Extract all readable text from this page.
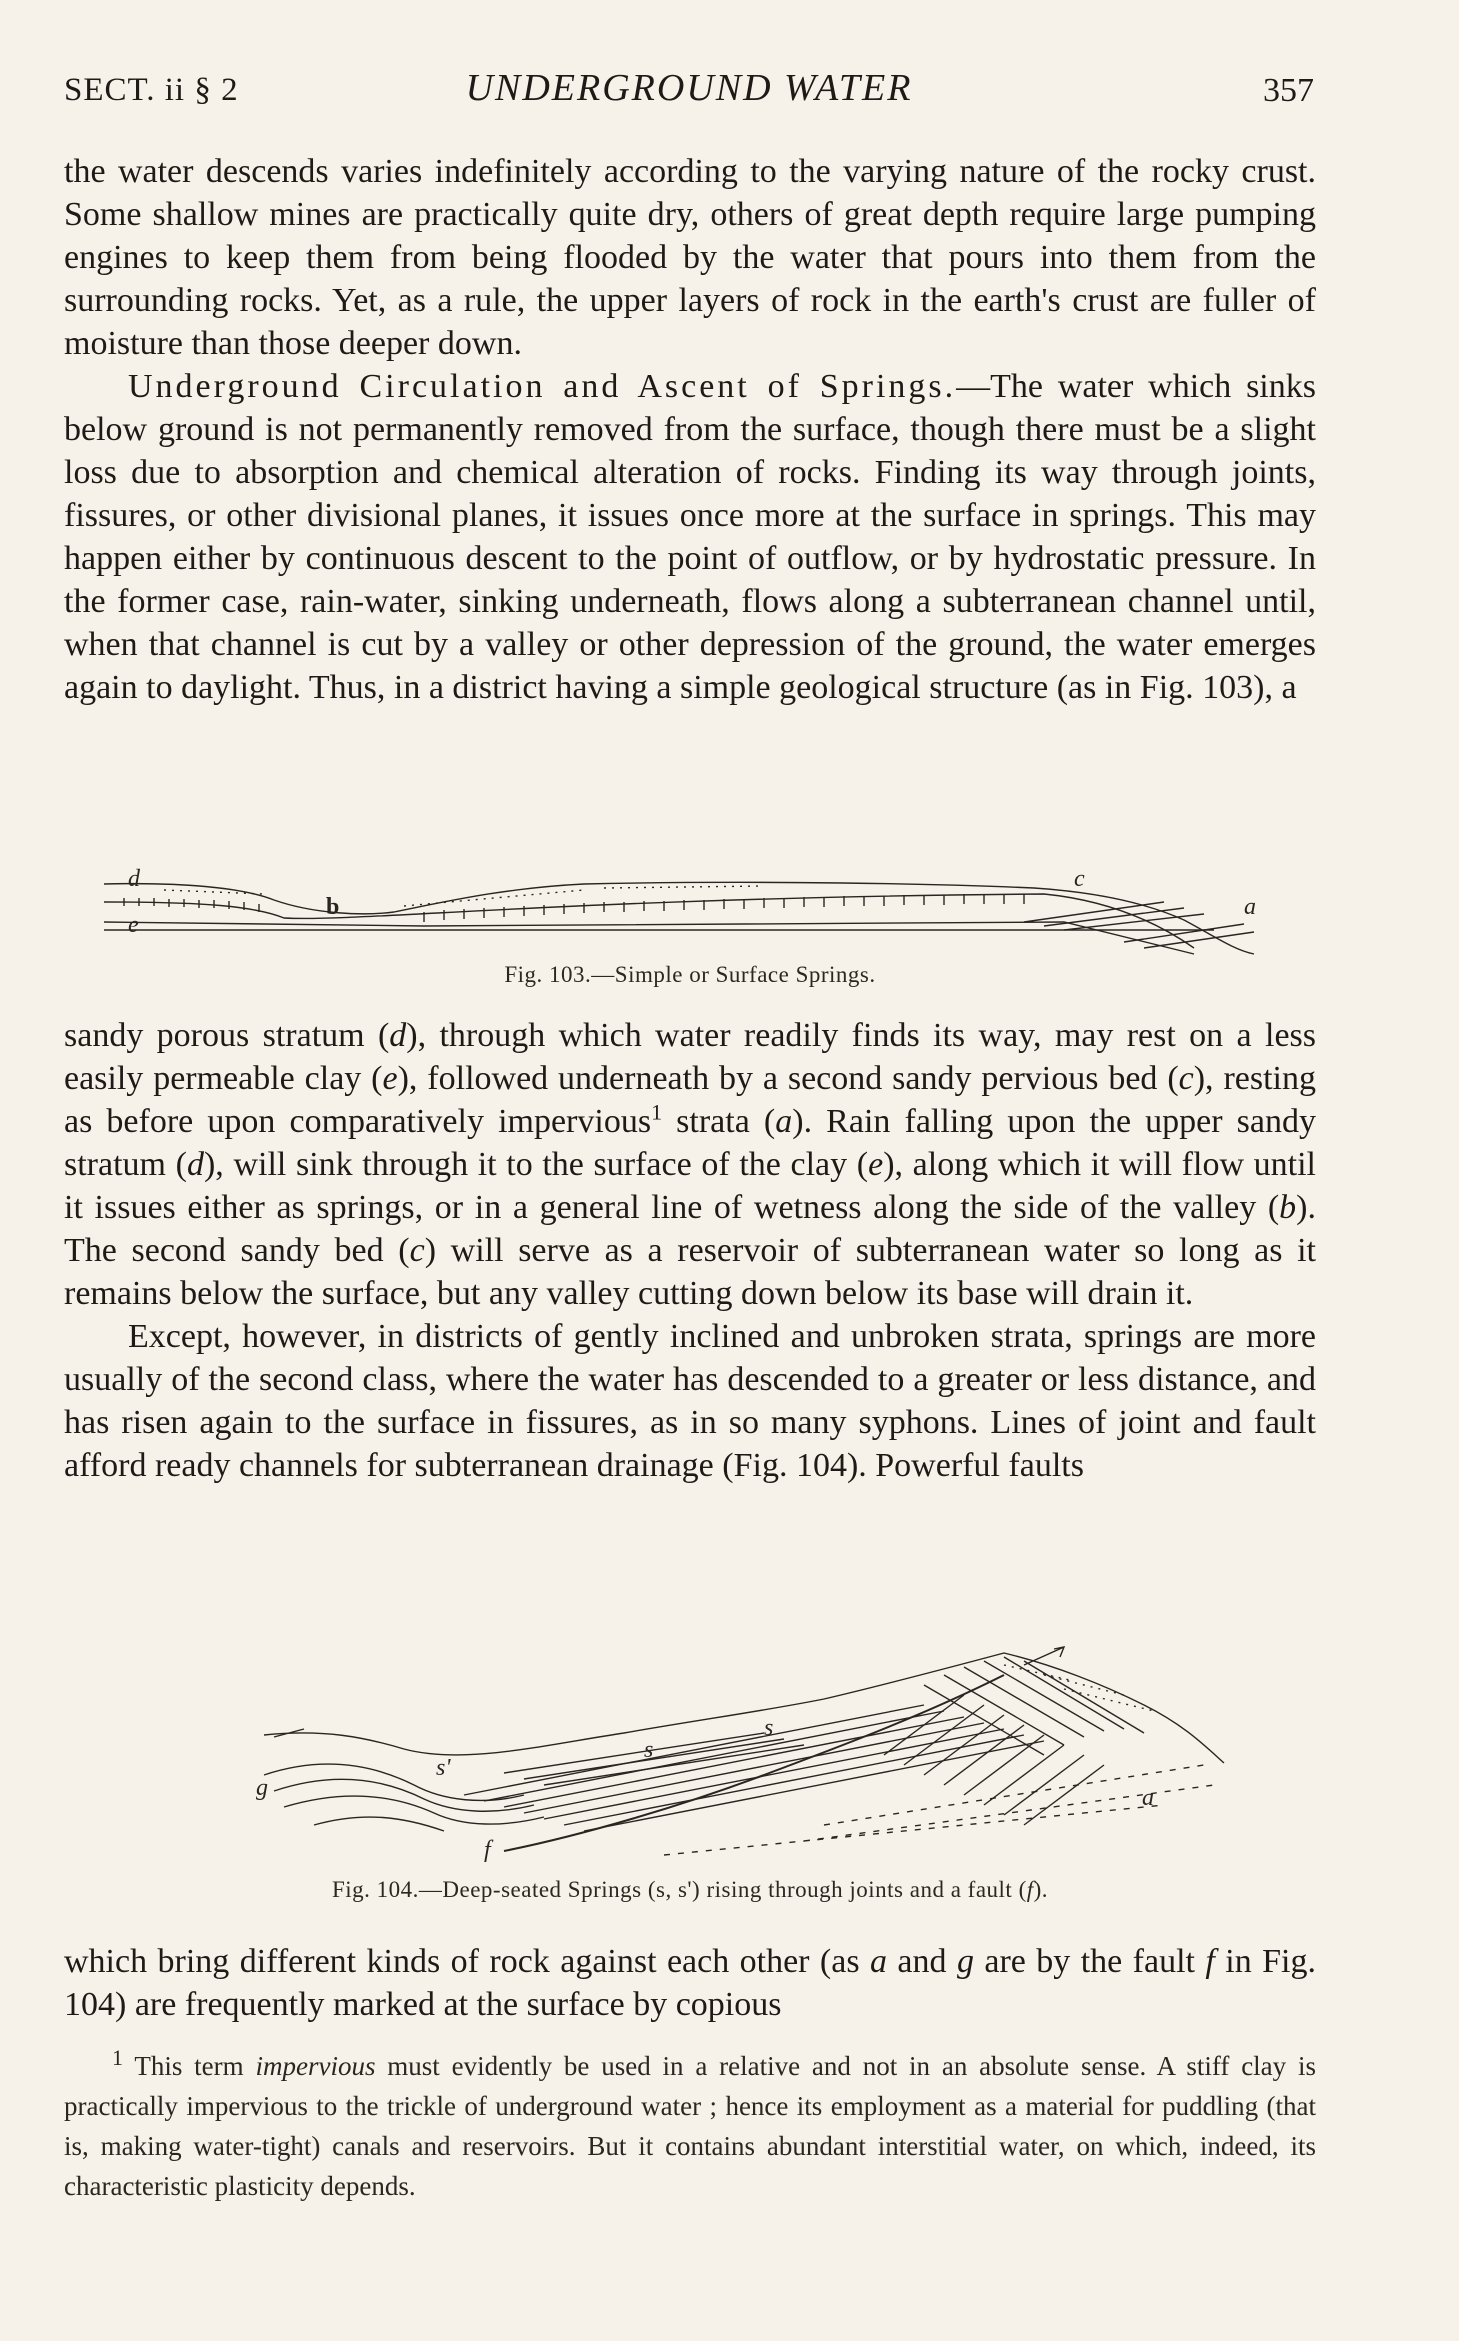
SECT. ii § 2	UNDERGROUND WATER	357

the water descends varies indefinitely according to the varying nature of the rocky crust. Some shallow mines are practically quite dry, others of great depth require large pumping engines to keep them from being flooded by the water that pours into them from the surrounding rocks. Yet, as a rule, the upper layers of rock in the earth's crust are fuller of moisture than those deeper down.

Underground Circulation and Ascent of Springs.—The water which sinks below ground is not permanently removed from the surface, though there must be a slight loss due to absorption and chemical alteration of rocks. Finding its way through joints, fissures, or other divisional planes, it issues once more at the surface in springs. This may happen either by continuous descent to the point of outflow, or by hydrostatic pressure. In the former case, rain-water, sinking underneath, flows along a subterranean channel until, when that channel is cut by a valley or other depression of the ground, the water emerges again to daylight. Thus, in a district having a simple geological structure (as in Fig. 103), a

d
e
b
c
a
Fig. 103.—Simple or Surface Springs.

sandy porous stratum (d), through which water readily finds its way, may rest on a less easily permeable clay (e), followed underneath by a second sandy pervious bed (c), resting as before upon comparatively impervious$^1$ strata (a). Rain falling upon the upper sandy stratum (d), will sink through it to the surface of the clay (e), along which it will flow until it issues either as springs, or in a general line of wetness along the side of the valley (b). The second sandy bed (c) will serve as a reservoir of subterranean water so long as it remains below the surface, but any valley cutting down below its base will drain it.

Except, however, in districts of gently inclined and unbroken strata, springs are more usually of the second class, where the water has descended to a greater or less distance, and has risen again to the surface in fissures, as in so many syphons. Lines of joint and fault afford ready channels for subterranean drainage (Fig. 104). Powerful faults

g
s'
s
s
f
a
Fig. 104.—Deep-seated Springs (s, s') rising through joints and a fault (f).

which bring different kinds of rock against each other (as a and g are by the fault f in Fig. 104) are frequently marked at the surface by copious

$^1$ This term impervious must evidently be used in a relative and not in an absolute sense. A stiff clay is practically impervious to the trickle of underground water ; hence its employment as a material for puddling (that is, making water-tight) canals and reservoirs. But it contains abundant interstitial water, on which, indeed, its characteristic plasticity depends.
